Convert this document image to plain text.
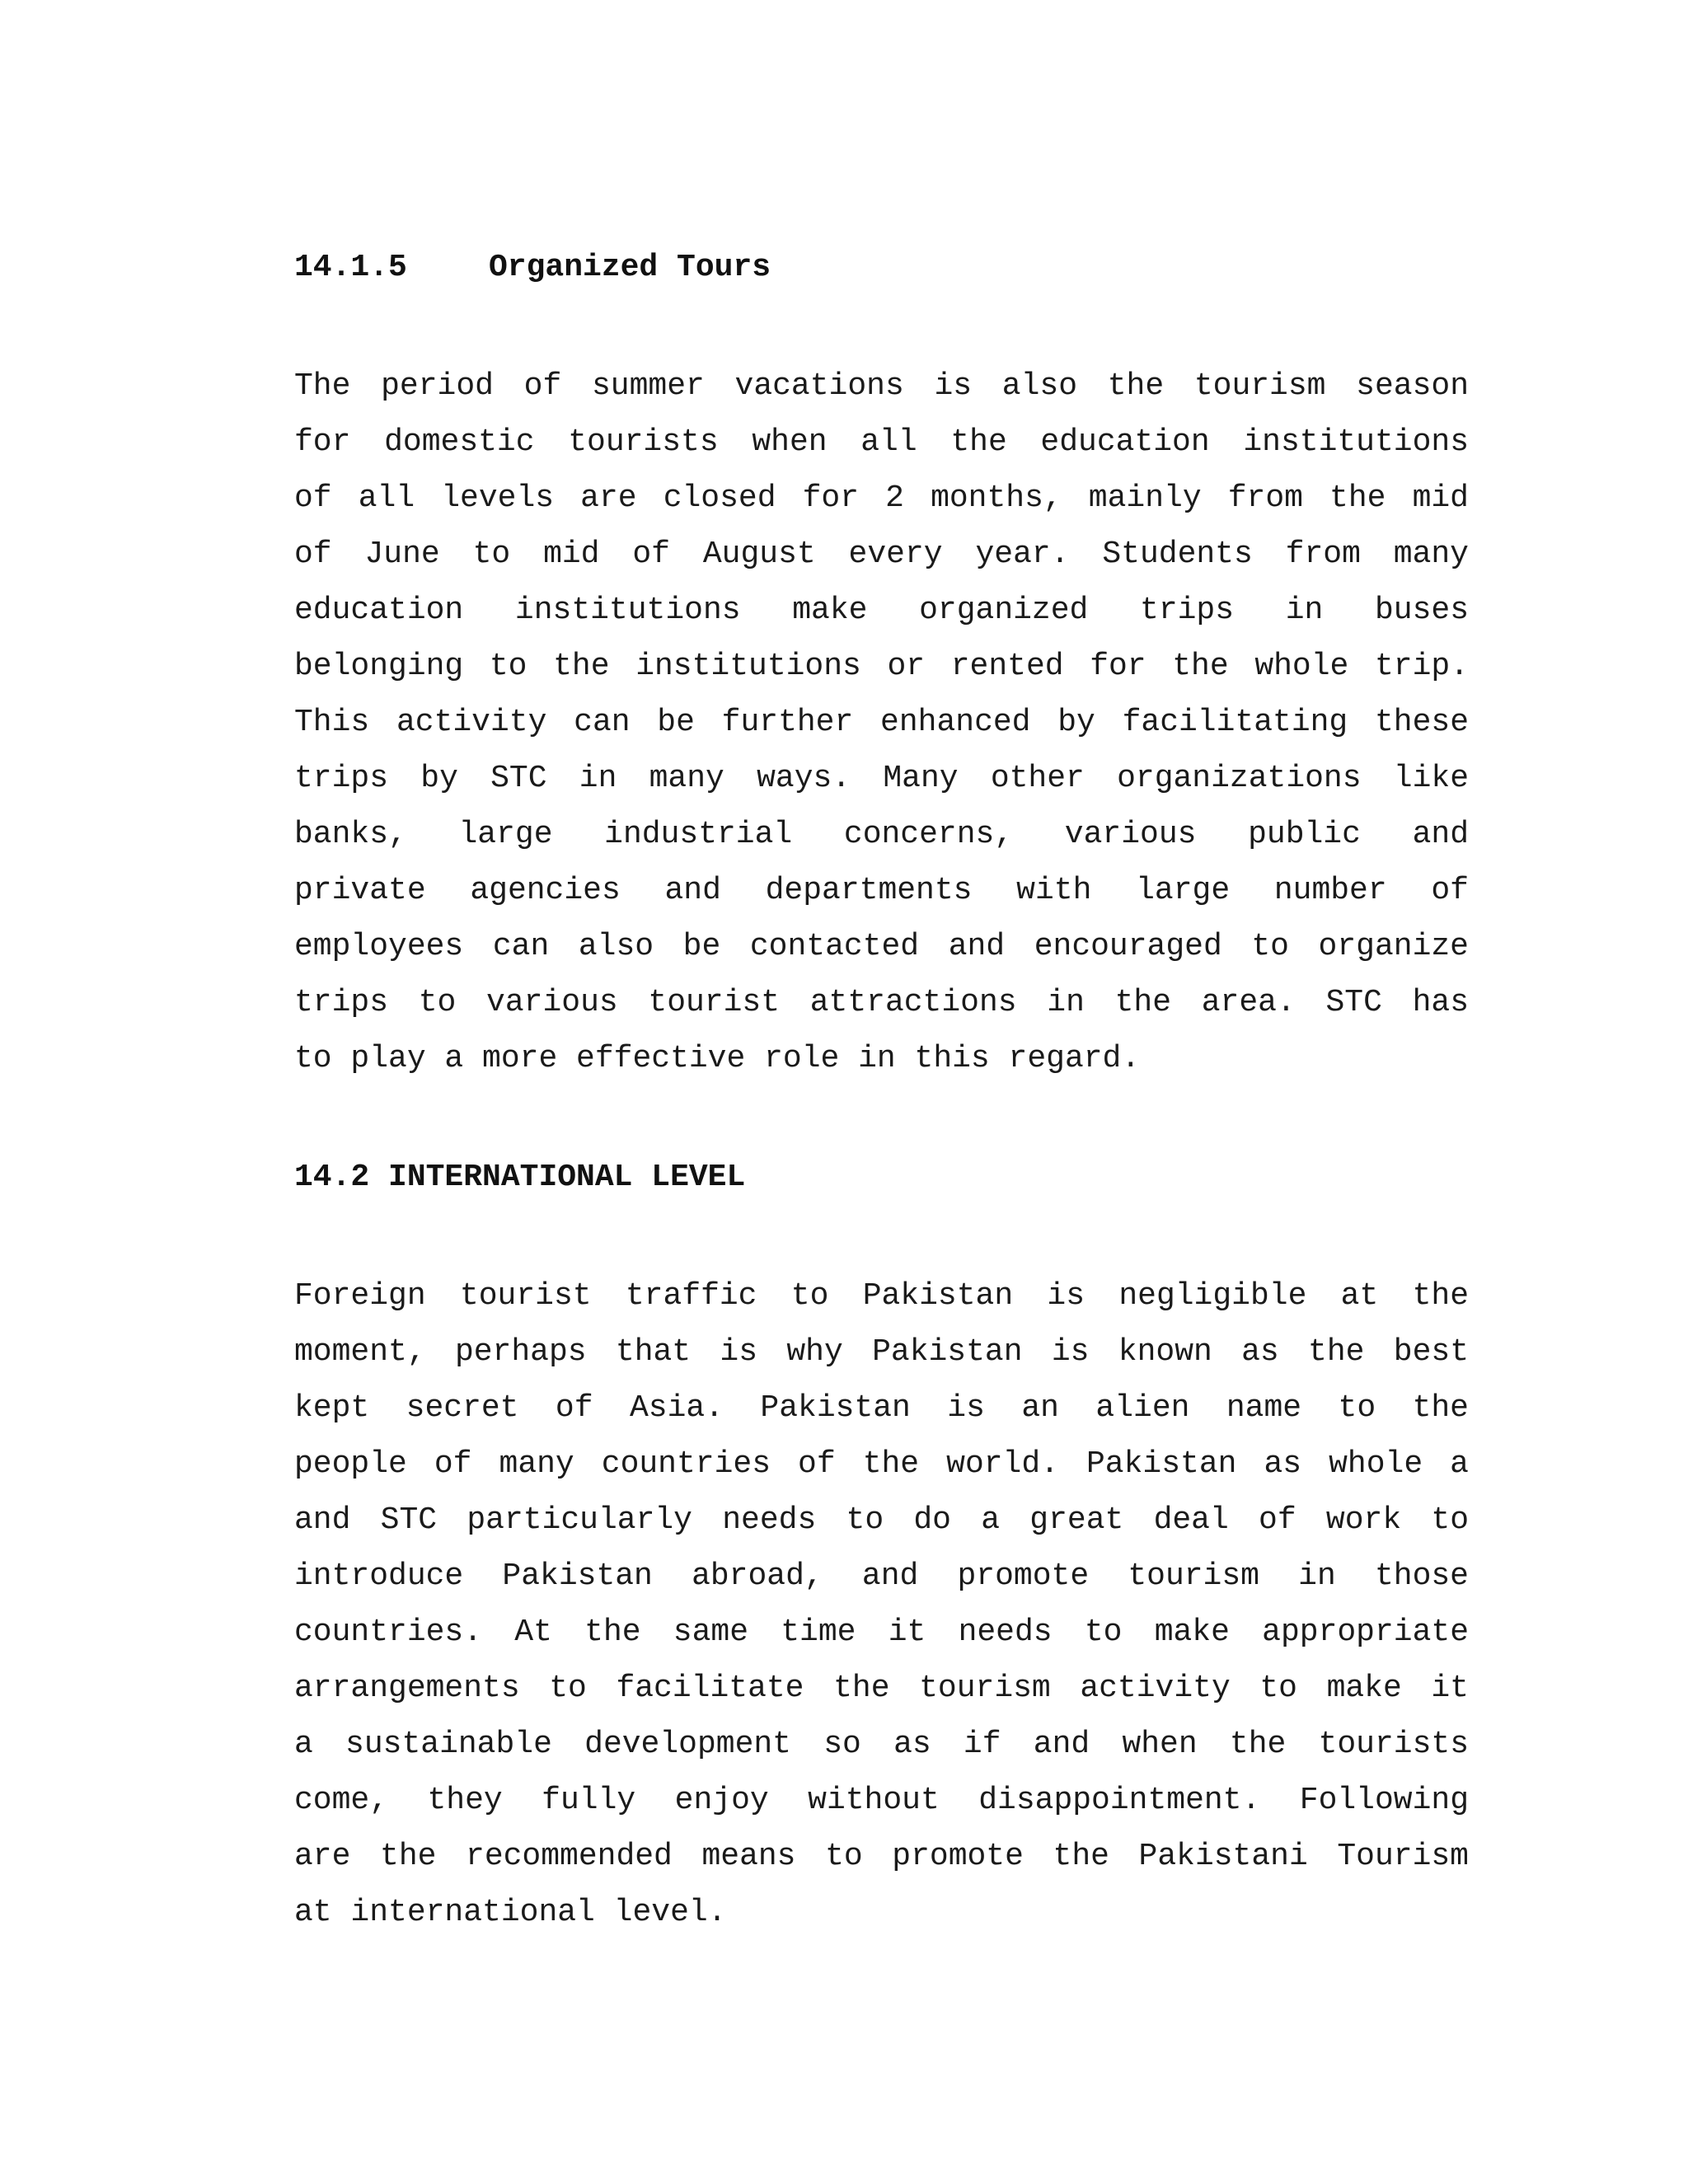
14.1.5	Organized Tours
The period of summer vacations is also the tourism season
for domestic tourists when all the education institutions
of all levels are closed for 2 months, mainly from the mid
of June to mid of August every year. Students from many
education institutions make organized trips in buses
belonging to the institutions or rented for the whole trip.
This activity can be further enhanced by facilitating these
trips by STC in many ways. Many other organizations like
banks, large industrial concerns, various public and
private agencies and departments with large number of
employees can also be contacted and encouraged to organize
trips to various tourist attractions in the area. STC has
to play a more effective role in this regard.
14.2 INTERNATIONAL LEVEL
Foreign tourist traffic to Pakistan is negligible at the
moment, perhaps that is why Pakistan is known as the best
kept secret of Asia. Pakistan is an alien name to the
people of many countries of the world. Pakistan as whole a
and STC particularly needs to do a great deal of work to
introduce Pakistan abroad, and promote tourism in those
countries. At the same time it needs to make appropriate
arrangements to facilitate the tourism activity to make it
a sustainable development so as if and when the tourists
come, they fully enjoy without disappointment. Following
are the recommended means to promote the Pakistani Tourism
at international level.
